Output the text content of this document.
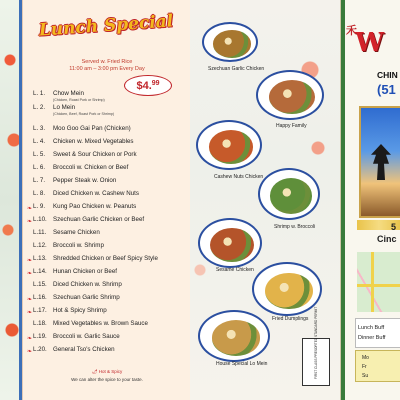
Lunch Special
Served w. Fried Rice
11:00 am – 3:00 pm Every Day
$4.99
L. 1.	Chow Mein
(Chicken, Roast Pork or Shrimp)
L. 2.	Lo Mein
(Chicken, Beef, Roast Pork or Shrimp)
L. 3.	Moo Goo Gai Pan (Chicken)
L. 4.	Chicken w. Mixed Vegetables
L. 5.	Sweet & Sour Chicken or Pork
L. 6.	Broccoli w. Chicken or Beef
L. 7.	Pepper Steak w. Onion
L. 8.	Diced Chicken w. Cashew Nuts
❧ L. 9.	Kung Pao Chicken w. Peanuts
❧ L.10.	Szechuan Garlic Chicken or Beef
L.11.	Sesame Chicken
L.12.	Broccoli w. Shrimp
❧ L.13.	Shredded Chicken or Beef Spicy Style
❧ L.14.	Hunan Chicken or Beef
L.15.	Diced Chicken w. Shrimp
❧ L.16.	Szechuan Garlic Shrimp
❧ L.17.	Hot & Spicy Shrimp
L.18.	Mixed Vegetables w. Brown Sauce
❧ L.19.	Broccoli w. Garlic Sauce
❧ L.20.	General Tso's Chicken
🌶︎ Hot & Spicy
We can alter the spice to your taste.
Szechuan Garlic Chicken
Happy Family
Cashew Nuts Chicken
Shrimp w. Broccoli
Sesame Chicken
Fried Dumplings
House Special Lo Mein	FIRST CLASS PRESORTED STANDARD PERMIT
禾
W
CHIN
(51
5
Cinc
Lunch Buff
Dinner Buff
Mo
Fr
Su
